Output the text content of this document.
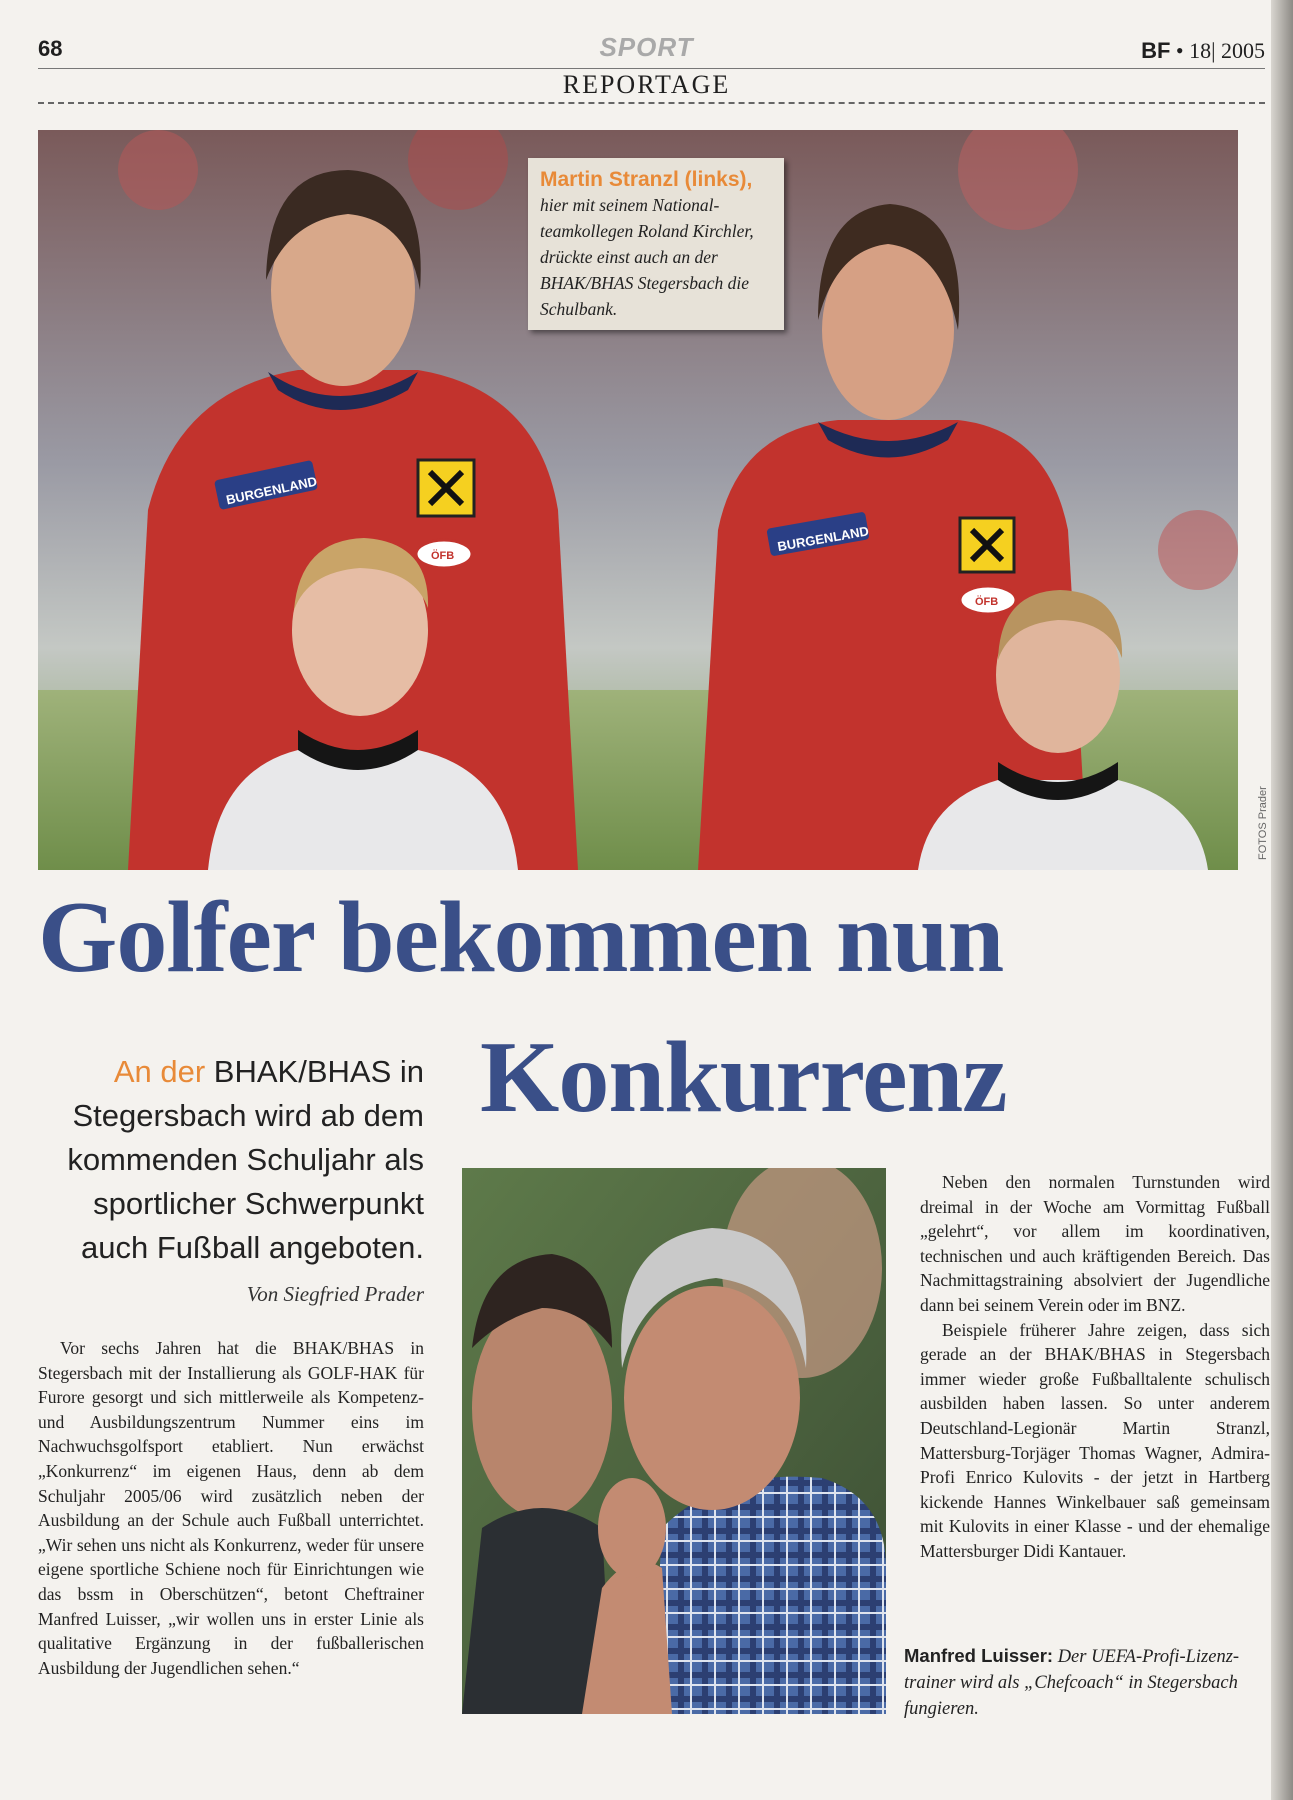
68	SPORT	BF • 18| 2005
REPORTAGE
BURGENLAND
ÖFB
BURGENLAND
ÖFB
Martin Stranzl (links),
hier mit seinem National-teamkollegen Roland Kirchler, drückte einst auch an der BHAK/BHAS Stegersbach die Schulbank.
FOTOS Prader
Golfer bekommen nun
Konkurrenz
An der BHAK/BHAS in Stegersbach wird ab dem kommenden Schuljahr als sportlicher Schwerpunkt auch Fußball angeboten.
Von Siegfried Prader

Vor sechs Jahren hat die BHAK/BHAS in Stegersbach mit der Installierung als GOLF-HAK für Furore gesorgt und sich mittlerweile als Kompetenz- und Ausbildungszentrum Nummer eins im Nachwuchsgolfsport etabliert. Nun erwächst „Konkurrenz“ im eigenen Haus, denn ab dem Schuljahr 2005/06 wird zusätzlich neben der Ausbildung an der Schule auch Fußball unterrichtet. „Wir sehen uns nicht als Konkurrenz, weder für unsere eigene sportliche Schiene noch für Einrichtungen wie das bssm in Oberschützen“, betont Cheftrainer Manfred Luisser, „wir wollen uns in erster Linie als qualitative Ergänzung in der fußballerischen Ausbildung der Jugendlichen sehen.“

Neben den normalen Turnstunden wird dreimal in der Woche am Vormittag Fußball „gelehrt“, vor allem im koordinativen, technischen und auch kräftigenden Bereich. Das Nachmittagstraining absolviert der Jugendliche dann bei seinem Verein oder im BNZ.

Beispiele früherer Jahre zeigen, dass sich gerade an der BHAK/BHAS in Stegersbach immer wieder große Fußballtalente schulisch ausbilden haben lassen. So unter anderem Deutschland-Legionär Martin Stranzl, Mattersburg-Torjäger Thomas Wagner, Admira-Profi Enrico Kulovits - der jetzt in Hartberg kickende Hannes Winkelbauer saß gemeinsam mit Kulovits in einer Klasse - und der ehemalige Mattersburger Didi Kantauer.

Manfred Luisser: Der UEFA-Profi-Lizenz-trainer wird als „Chefcoach“ in Stegersbach fungieren.
